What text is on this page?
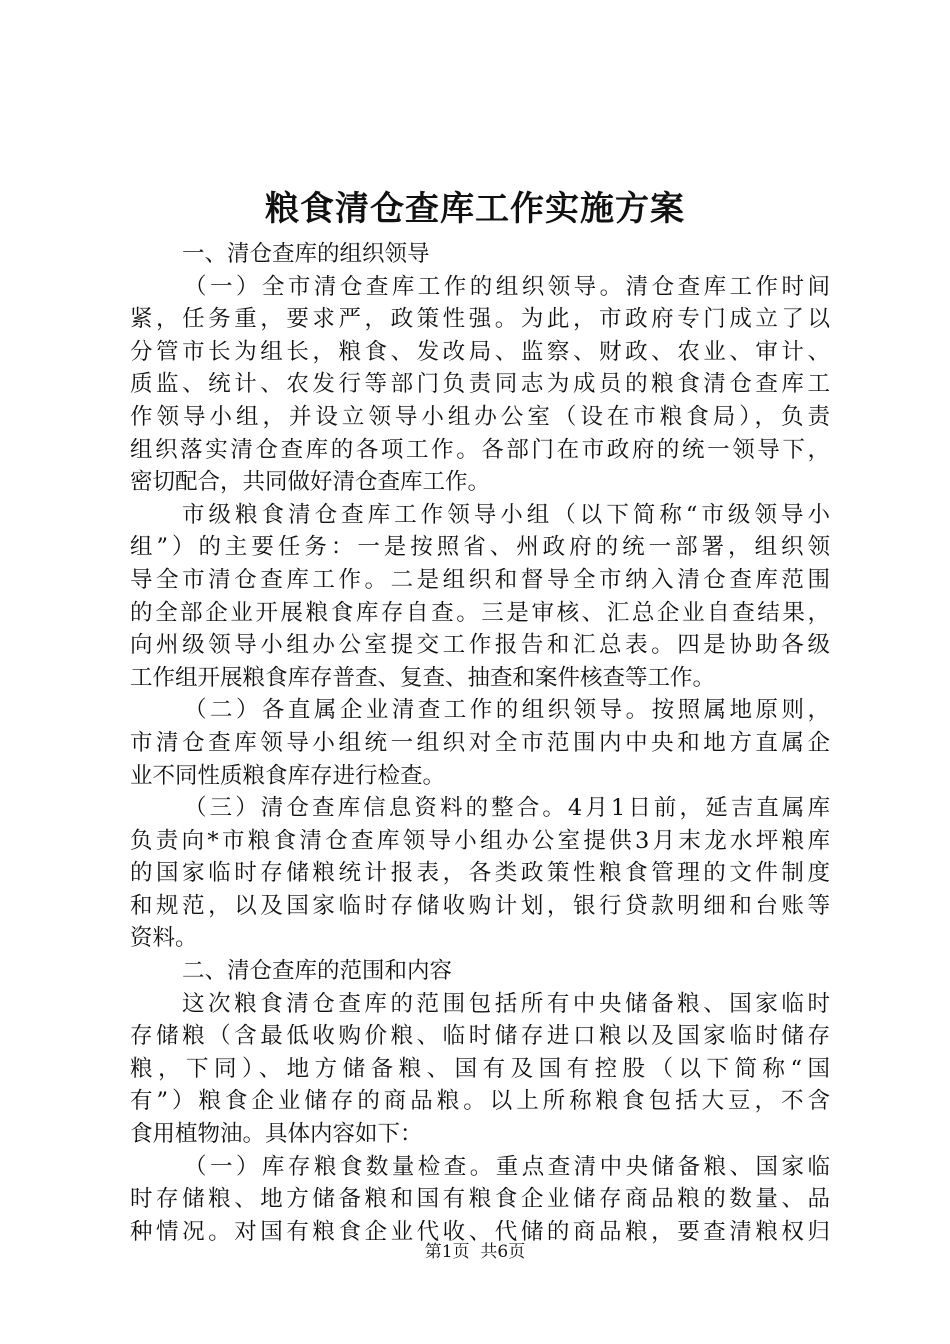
粮食清仓查库工作实施方案
一、清仓查库的组织领导
（一）全市清仓查库工作的组织领导。清仓查库工作时间
紧，任务重，要求严，政策性强。为此，市政府专门成立了以
分管市长为组长，粮食、发改局、监察、财政、农业、审计、
质监、统计、农发行等部门负责同志为成员的粮食清仓查库工
作领导小组，并设立领导小组办公室（设在市粮食局），负责
组织落实清仓查库的各项工作。各部门在市政府的统一领导下，
密切配合，共同做好清仓查库工作。
市级粮食清仓查库工作领导小组（以下简称“市级领导小
组”）的主要任务：一是按照省、州政府的统一部署，组织领
导全市清仓查库工作。二是组织和督导全市纳入清仓查库范围
的全部企业开展粮食库存自查。三是审核、汇总企业自查结果，
向州级领导小组办公室提交工作报告和汇总表。四是协助各级
工作组开展粮食库存普查、复查、抽查和案件核查等工作。
（二）各直属企业清查工作的组织领导。按照属地原则，
市清仓查库领导小组统一组织对全市范围内中央和地方直属企
业不同性质粮食库存进行检查。
（三）清仓查库信息资料的整合。4月1日前，延吉直属库
负责向*市粮食清仓查库领导小组办公室提供3月末龙水坪粮库
的国家临时存储粮统计报表，各类政策性粮食管理的文件制度
和规范，以及国家临时存储收购计划，银行贷款明细和台账等
资料。
二、清仓查库的范围和内容
这次粮食清仓查库的范围包括所有中央储备粮、国家临时
存储粮（含最低收购价粮、临时储存进口粮以及国家临时储存
粮，下同）、地方储备粮、国有及国有控股（以下简称“国
有”）粮食企业储存的商品粮。以上所称粮食包括大豆，不含
食用植物油。具体内容如下：
（一）库存粮食数量检查。重点查清中央储备粮、国家临
时存储粮、地方储备粮和国有粮食企业储存商品粮的数量、品
种情况。对国有粮食企业代收、代储的商品粮，要查清粮权归
第1页  共6页
